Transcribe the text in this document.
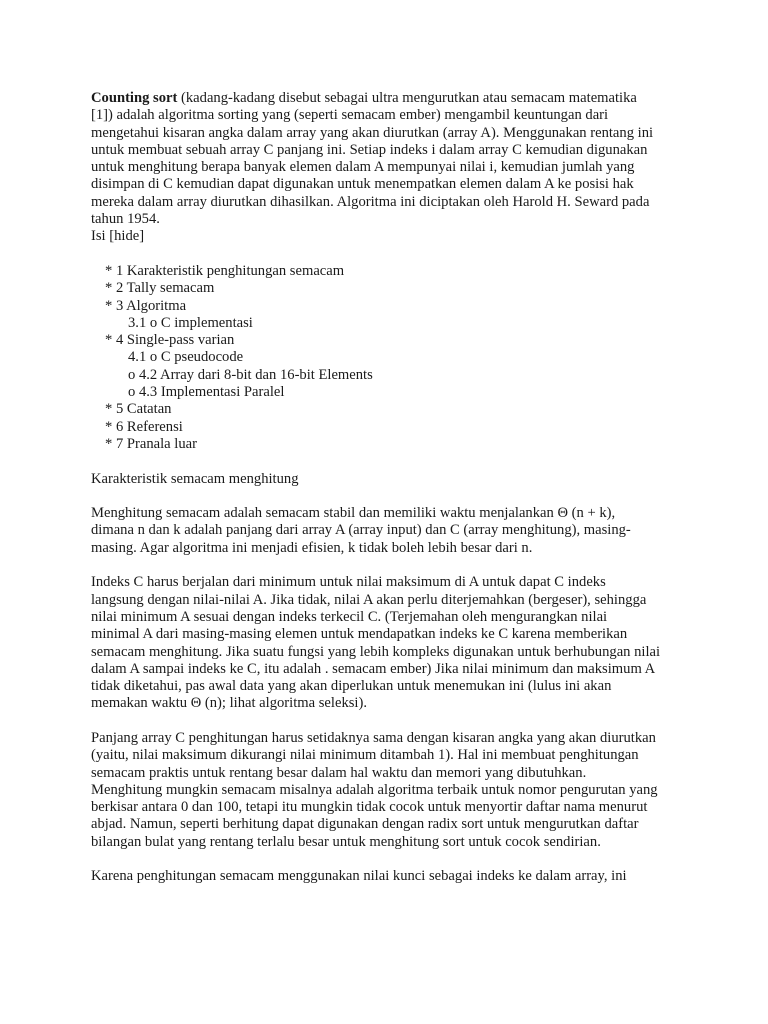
Counting sort (kadang-kadang disebut sebagai ultra mengurutkan atau semacam matematika
[1]) adalah algoritma sorting yang (seperti semacam ember) mengambil keuntungan dari
mengetahui kisaran angka dalam array yang akan diurutkan (array A). Menggunakan rentang ini
untuk membuat sebuah array C panjang ini. Setiap indeks i dalam array C kemudian digunakan
untuk menghitung berapa banyak elemen dalam A mempunyai nilai i, kemudian jumlah yang
disimpan di C kemudian dapat digunakan untuk menempatkan elemen dalam A ke posisi hak
mereka dalam array diurutkan dihasilkan. Algoritma ini diciptakan oleh Harold H. Seward pada
tahun 1954.
Isi [hide]
* 1 Karakteristik penghitungan semacam
* 2 Tally semacam
* 3 Algoritma
3.1 o C implementasi
* 4 Single-pass varian
4.1 o C pseudocode
o 4.2 Array dari 8-bit dan 16-bit Elements
o 4.3 Implementasi Paralel
* 5 Catatan
* 6 Referensi
* 7 Pranala luar
Karakteristik semacam menghitung
Menghitung semacam adalah semacam stabil dan memiliki waktu menjalankan Θ (n + k),
dimana n dan k adalah panjang dari array A (array input) dan C (array menghitung), masing-
masing. Agar algoritma ini menjadi efisien, k tidak boleh lebih besar dari n.
Indeks C harus berjalan dari minimum untuk nilai maksimum di A untuk dapat C indeks
langsung dengan nilai-nilai A. Jika tidak, nilai A akan perlu diterjemahkan (bergeser), sehingga
nilai minimum A sesuai dengan indeks terkecil C. (Terjemahan oleh mengurangkan nilai
minimal A dari masing-masing elemen untuk mendapatkan indeks ke C karena memberikan
semacam menghitung. Jika suatu fungsi yang lebih kompleks digunakan untuk berhubungan nilai
dalam A sampai indeks ke C, itu adalah . semacam ember) Jika nilai minimum dan maksimum A
tidak diketahui, pas awal data yang akan diperlukan untuk menemukan ini (lulus ini akan
memakan waktu Θ (n); lihat algoritma seleksi).
Panjang array C penghitungan harus setidaknya sama dengan kisaran angka yang akan diurutkan
(yaitu, nilai maksimum dikurangi nilai minimum ditambah 1). Hal ini membuat penghitungan
semacam praktis untuk rentang besar dalam hal waktu dan memori yang dibutuhkan.
Menghitung mungkin semacam misalnya adalah algoritma terbaik untuk nomor pengurutan yang
berkisar antara 0 dan 100, tetapi itu mungkin tidak cocok untuk menyortir daftar nama menurut
abjad. Namun, seperti berhitung dapat digunakan dengan radix sort untuk mengurutkan daftar
bilangan bulat yang rentang terlalu besar untuk menghitung sort untuk cocok sendirian.
Karena penghitungan semacam menggunakan nilai kunci sebagai indeks ke dalam array, ini
